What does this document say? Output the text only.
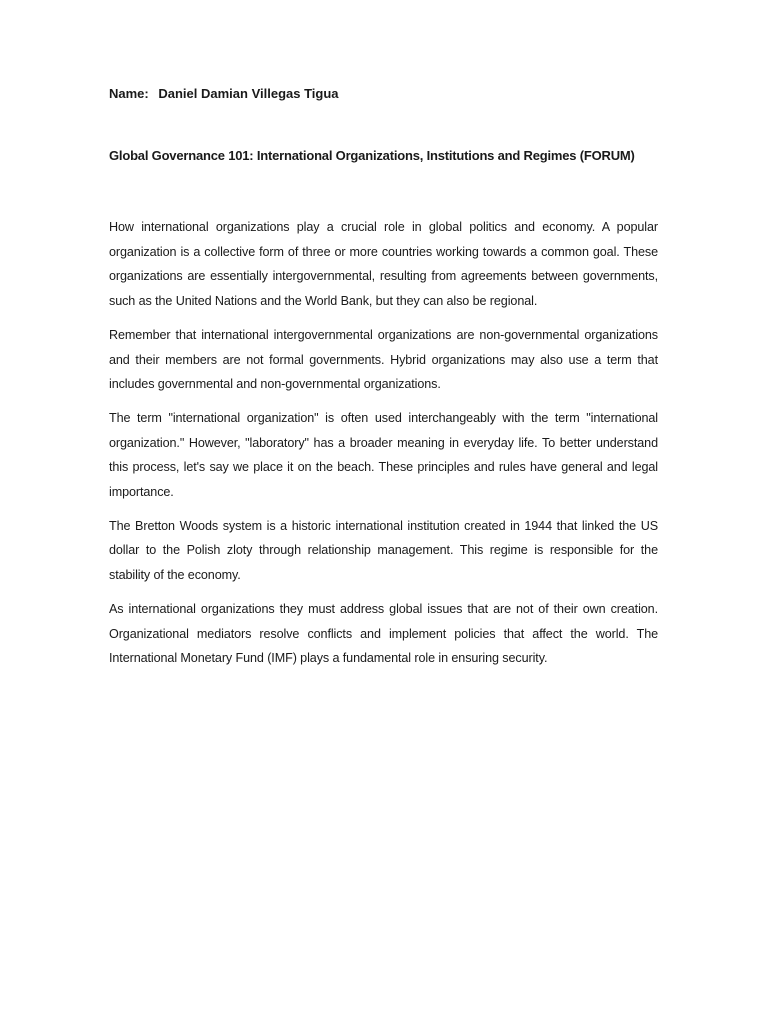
Name: Daniel Damian Villegas Tigua
Global Governance 101: International Organizations, Institutions and Regimes (FORUM)

How international organizations play a crucial role in global politics and economy. A popular organization is a collective form of three or more countries working towards a common goal. These organizations are essentially intergovernmental, resulting from agreements between governments, such as the United Nations and the World Bank, but they can also be regional.

Remember that international intergovernmental organizations are non-governmental organizations and their members are not formal governments. Hybrid organizations may also use a term that includes governmental and non-governmental organizations.

The term "international organization" is often used interchangeably with the term "international organization." However, "laboratory" has a broader meaning in everyday life. To better understand this process, let's say we place it on the beach. These principles and rules have general and legal importance.

The Bretton Woods system is a historic international institution created in 1944 that linked the US dollar to the Polish zloty through relationship management. This regime is responsible for the stability of the economy.

As international organizations they must address global issues that are not of their own creation. Organizational mediators resolve conflicts and implement policies that affect the world. The International Monetary Fund (IMF) plays a fundamental role in ensuring security.
